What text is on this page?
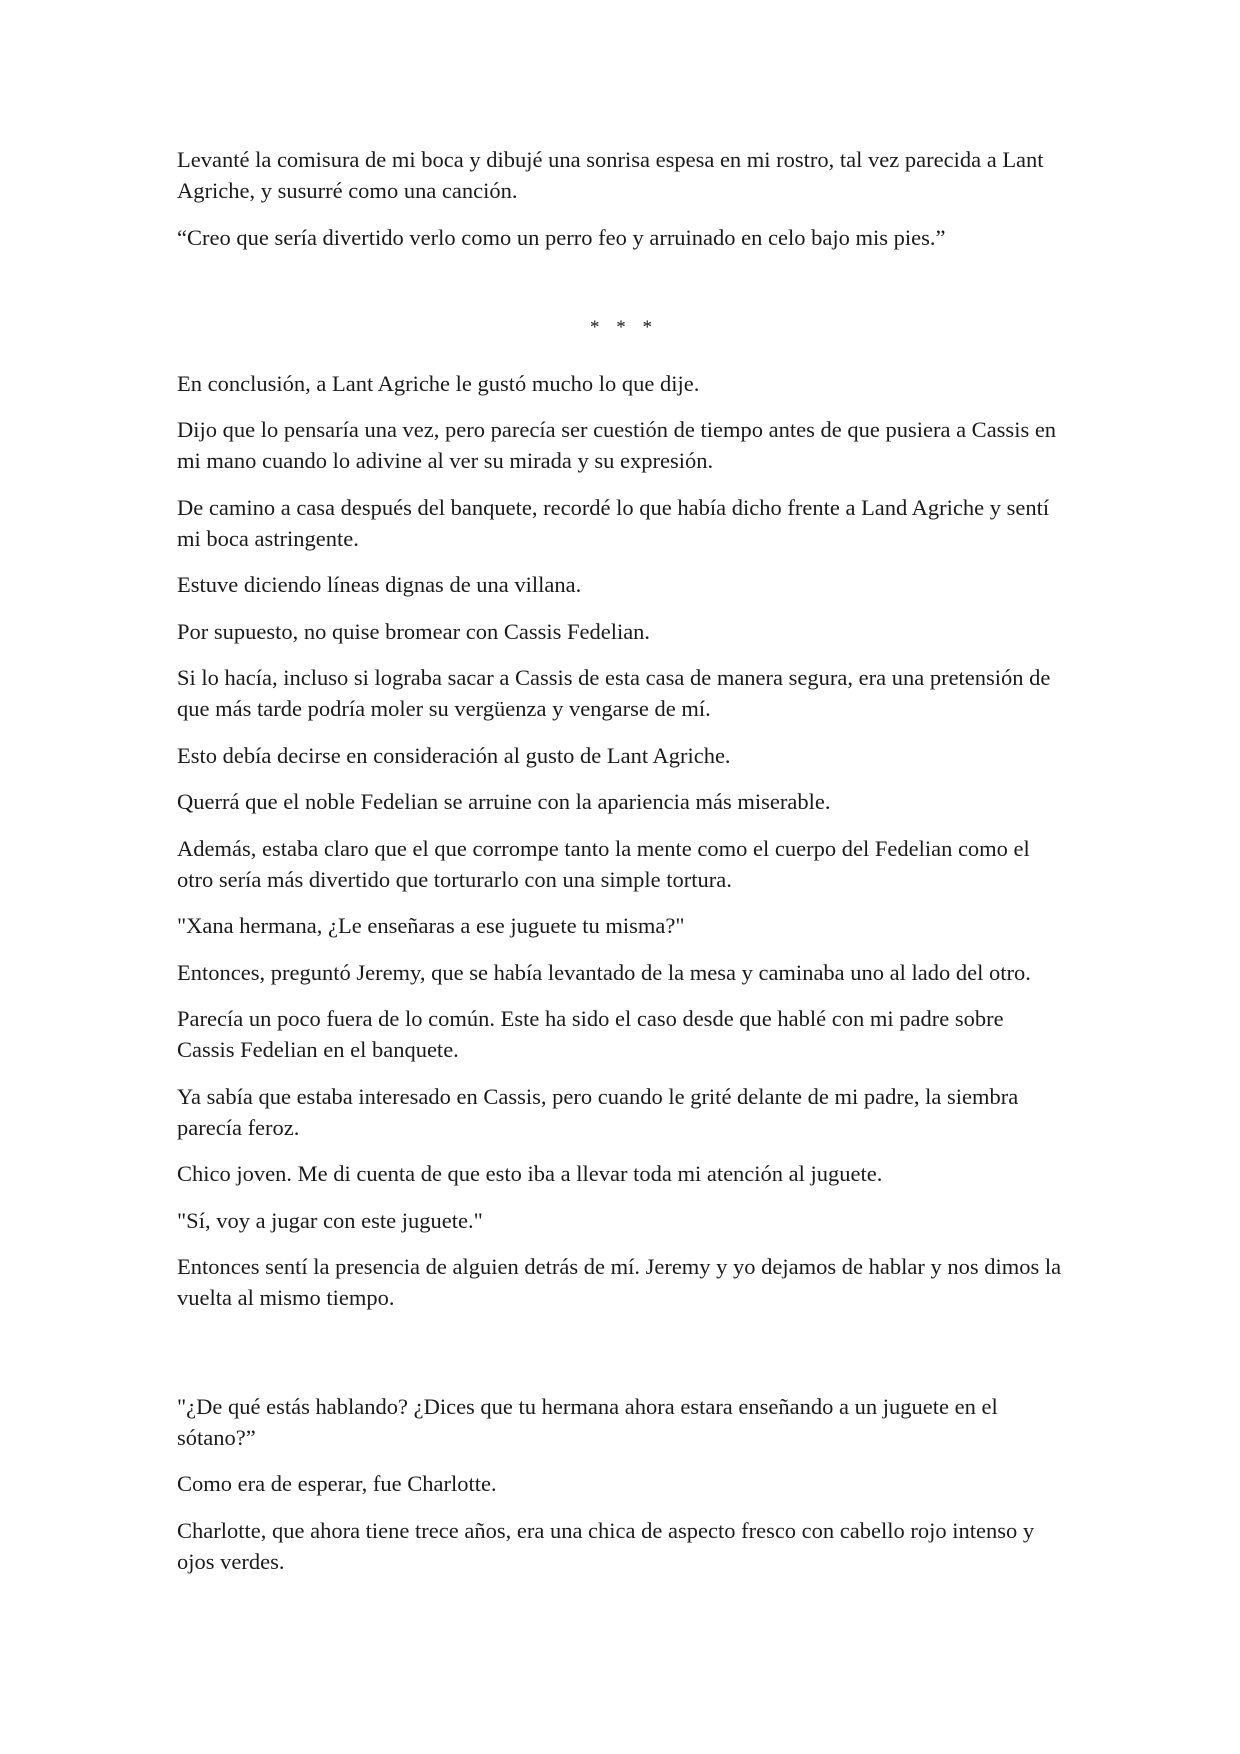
Levanté la comisura de mi boca y dibujé una sonrisa espesa en mi rostro, tal vez parecida a Lant Agriche, y susurré como una canción.

“Creo que sería divertido verlo como un perro feo y arruinado en celo bajo mis pies.”

* * *

En conclusión, a Lant Agriche le gustó mucho lo que dije.

Dijo que lo pensaría una vez, pero parecía ser cuestión de tiempo antes de que pusiera a Cassis en mi mano cuando lo adivine al ver su mirada y su expresión.

De camino a casa después del banquete, recordé lo que había dicho frente a Land Agriche y sentí mi boca astringente.

Estuve diciendo líneas dignas de una villana.

Por supuesto, no quise bromear con Cassis Fedelian.

Si lo hacía, incluso si lograba sacar a Cassis de esta casa de manera segura, era una pretensión de que más tarde podría moler su vergüenza y vengarse de mí.

Esto debía decirse en consideración al gusto de Lant Agriche.

Querrá que el noble Fedelian se arruine con la apariencia más miserable.

Además, estaba claro que el que corrompe tanto la mente como el cuerpo del Fedelian como el otro sería más divertido que torturarlo con una simple tortura.

"Xana hermana, ¿Le enseñaras a ese juguete tu misma?"

Entonces, preguntó Jeremy, que se había levantado de la mesa y caminaba uno al lado del otro.

Parecía un poco fuera de lo común. Este ha sido el caso desde que hablé con mi padre sobre Cassis Fedelian en el banquete.

Ya sabía que estaba interesado en Cassis, pero cuando le grité delante de mi padre, la siembra parecía feroz.

Chico joven. Me di cuenta de que esto iba a llevar toda mi atención al juguete.

"Sí, voy a jugar con este juguete."

Entonces sentí la presencia de alguien detrás de mí. Jeremy y yo dejamos de hablar y nos dimos la vuelta al mismo tiempo.

"¿De qué estás hablando? ¿Dices que tu hermana ahora estara enseñando a un juguete en el sótano?”

Como era de esperar, fue Charlotte.

Charlotte, que ahora tiene trece años, era una chica de aspecto fresco con cabello rojo intenso y ojos verdes.
